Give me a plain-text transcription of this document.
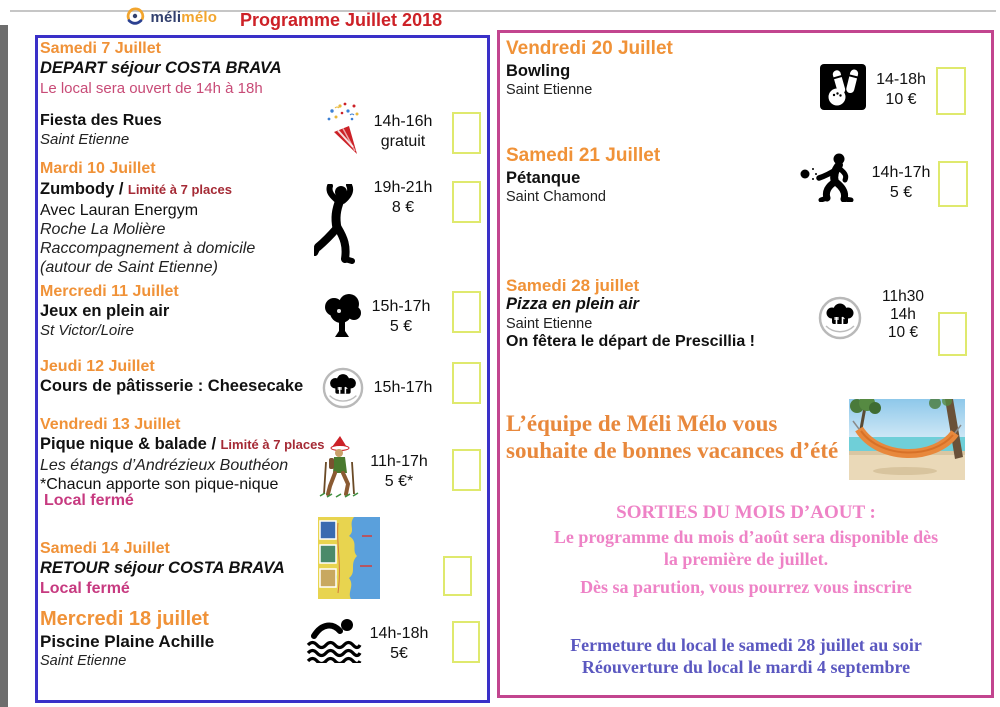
mélimélo Programme Juillet 2018
Samedi 7 Juillet
DEPART séjour COSTA BRAVA
Le local sera ouvert de 14h à 18h
Fiesta des Rues
Saint Etienne
14h-16h
gratuit
Mardi 10 Juillet
Zumbody / Limité à 7 places
Avec Lauran Energym
Roche La Molière
Raccompagnement à domicile
(autour de Saint Etienne)
19h-21h
8 €
Mercredi 11 Juillet
Jeux en plein air
St Victor/Loire
15h-17h
5 €
Jeudi 12 Juillet
Cours de pâtisserie : Cheesecake	15h-17h
Vendredi 13 Juillet
Pique nique & balade / Limité à 7 places
Les étangs d’Andrézieux Bouthéon
*Chacun apporte son pique-nique
Local fermé
11h-17h
5 €*
Samedi 14 Juillet
RETOUR séjour COSTA BRAVA
Local fermé
Mercredi 18 juillet
Piscine Plaine Achille
Saint Etienne
14h-18h
5€
Vendredi 20 Juillet
Bowling
Saint Etienne
14-18h
10 €
Samedi 21 Juillet
Pétanque
Saint Chamond
14h-17h
5 €
Samedi 28 juillet
Pizza en plein air
Saint Etienne
On fêtera le départ de Prescillia !
11h30
14h
10 €
L’équipe de Méli Mélo vous
souhaite de bonnes vacances d’été
SORTIES DU MOIS D’AOUT :
Le programme du mois d’août sera disponible dès
la première de juillet.
Dès sa parution, vous pourrez vous inscrire
Fermeture du local le samedi 28 juillet au soir
Réouverture du local le mardi 4 septembre
